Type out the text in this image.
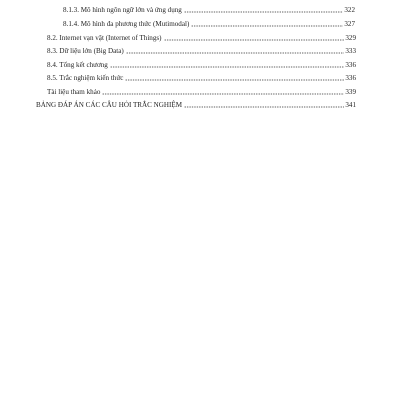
8.1.3. Mô hình ngôn ngữ lớn và ứng dụng	322
8.1.4. Mô hình đa phương thức (Mutimodal)	327
8.2. Internet vạn vật (Internet of Things)	329
8.3. Dữ liệu lớn (Big Data)	333
8.4. Tổng kết chương	336
8.5. Trắc nghiệm kiến thức	336
Tài liệu tham khảo	339
BẢNG ĐÁP ÁN CÁC CÂU HỎI TRẮC NGHIỆM	341
